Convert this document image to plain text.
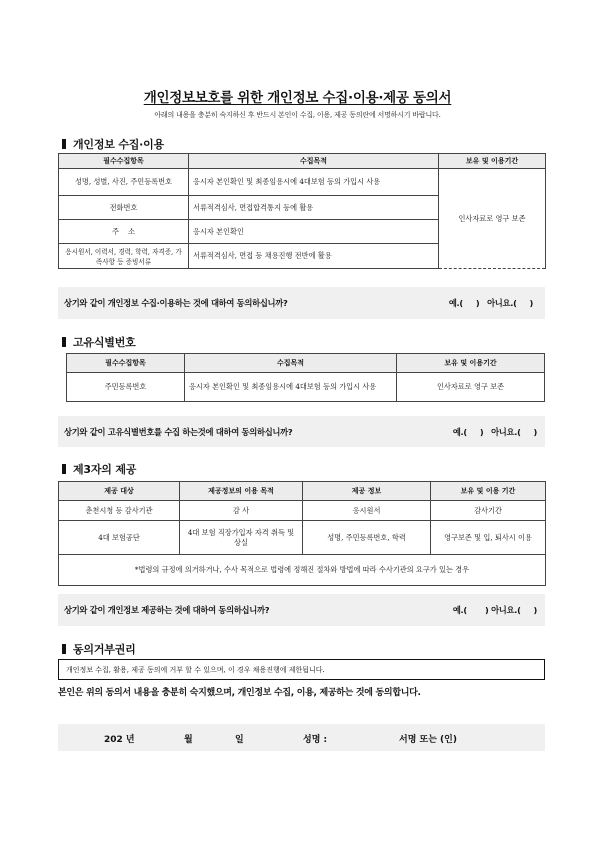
개인정보보호를 위한 개인정보 수집·이용·제공 동의서
아래의 내용을 충분히 숙지하신 후 반드시 본인이 수집, 이용, 제공 동의란에 서명하시기 바랍니다.
개인정보 수집·이용
필수수집항목	수집목적	보유 및 이용기간
성명, 성별, 사진, 주민등록번호	응시자 본인확인 및 최종임용시에 4대보험 등의 가입시 사용	인사자료로 영구 보존
전화번호	서류적격심사, 면접합격통지 등에 활용	
주    소	응시자 본인확인	
응시원서, 이력서, 경력, 학력, 자격증, 가족사항 등 증빙서류	서류적격심사, 면접 등 채용진행 전반에 활용	
상기와 같이 개인정보 수집·이용하는 것에 대하여 동의하십니까?	예.(     )   아니요.(     )
고유식별번호
필수수집항목	수집목적	보유 및 이용기간
주민등록번호	응시자 본인확인 및 최종임용시에 4대보험 등의 가입시 사용	인사자료로 영구 보존
상기와 같이 고유식별번호를 수집 하는것에 대하여 동의하십니까?	예.(     )   아니요.(     )
제3자의 제공
제공 대상	제공정보의 이용 목적	제공 정보	보유 및 이용 기간
춘천시청 등 감사기관	감 사	응시원서	감사기간
4대 보험공단	4대 보험 직장가입자 자격 취득 및 상실	성명, 주민등록번호, 학력	영구보존 및 입, 퇴사시 이용
*법령의 규정에 의거하거나, 수사 목적으로 법령에 정해진 절차와 방법에 따라 수사기관의 요구가 있는 경우			
상기와 같이 개인정보 제공하는 것에 대하여 동의하십니까?	예.(       ) 아니요.(     )
동의거부권리
개인정보 수집, 활용, 제공 동의에 거부 할 수 있으며, 이 경우 채용진행에 제한됩니다.
본인은 위의 동의서 내용을 충분히 숙지했으며, 개인정보 수집, 이용, 제공하는 것에 동의합니다.
202 년	월	일	성명 :	서명 또는 (인)
